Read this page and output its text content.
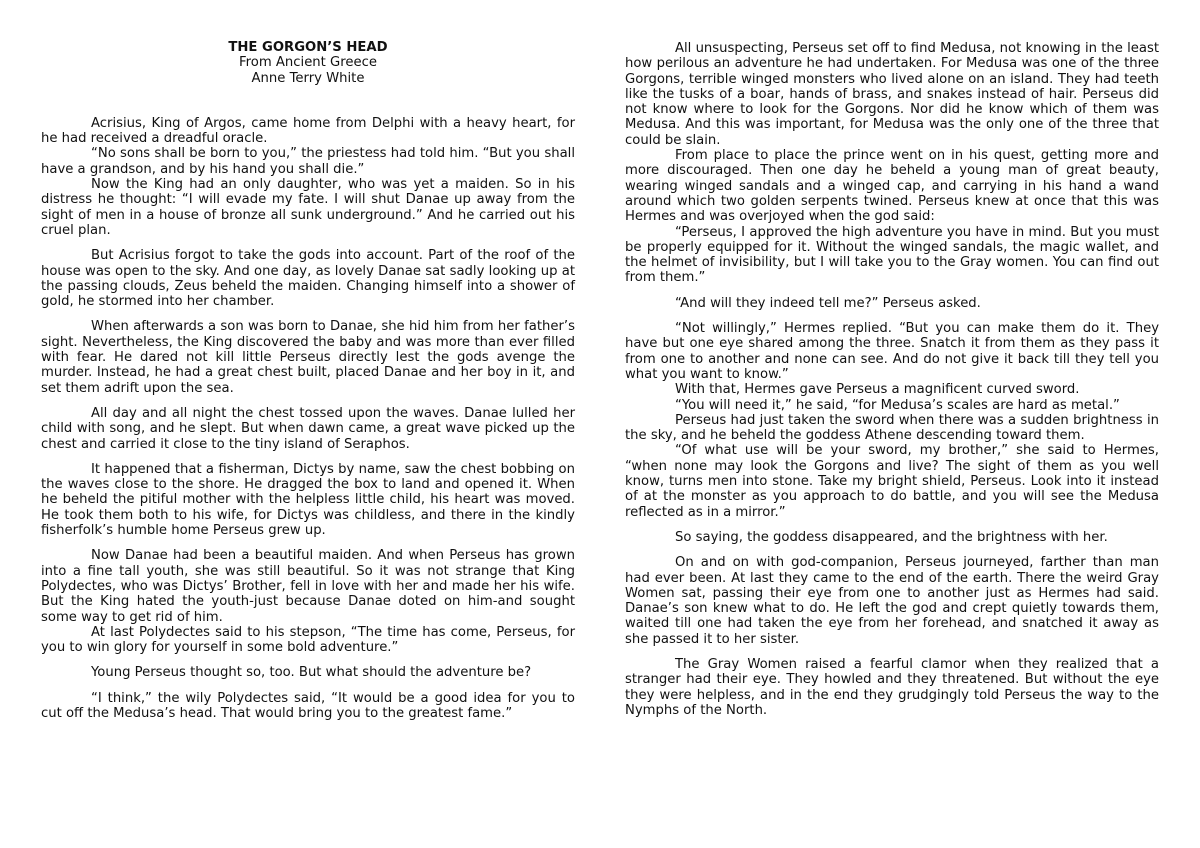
THE GORGON’S HEAD
From Ancient Greece
Anne Terry White

Acrisius, King of Argos, came home from Delphi with a heavy heart, for he had received a dreadful oracle.

“No sons shall be born to you,” the priestess had told him. “But you shall have a grandson, and by his hand you shall die.”

Now the King had an only daughter, who was yet a maiden. So in his distress he thought: “I will evade my fate. I will shut Danae up away from the sight of men in a house of bronze all sunk underground.” And he carried out his cruel plan.

But Acrisius forgot to take the gods into account. Part of the roof of the house was open to the sky. And one day, as lovely Danae sat sadly looking up at the passing clouds, Zeus beheld the maiden. Changing himself into a shower of gold, he stormed into her chamber.

When afterwards a son was born to Danae, she hid him from her father’s sight. Nevertheless, the King discovered the baby and was more than ever filled with fear. He dared not kill little Perseus directly lest the gods avenge the murder. Instead, he had a great chest built, placed Danae and her boy in it, and set them adrift upon the sea.

All day and all night the chest tossed upon the waves. Danae lulled her child with song, and he slept. But when dawn came, a great wave picked up the chest and carried it close to the tiny island of Seraphos.

It happened that a fisherman, Dictys by name, saw the chest bobbing on the waves close to the shore. He dragged the box to land and opened it. When he beheld the pitiful mother with the helpless little child, his heart was moved. He took them both to his wife, for Dictys was childless, and there in the kindly fisherfolk’s humble home Perseus grew up.

Now Danae had been a beautiful maiden. And when Perseus has grown into a fine tall youth, she was still beautiful. So it was not strange that King Polydectes, who was Dictys’ Brother, fell in love with her and made her his wife. But the King hated the youth-just because Danae doted on him-and sought some way to get rid of him.

At last Polydectes said to his stepson, “The time has come, Perseus, for you to win glory for yourself in some bold adventure.”

Young Perseus thought so, too. But what should the adventure be?

“I think,” the wily Polydectes said, “It would be a good idea for you to cut off the Medusa’s head. That would bring you to the greatest fame.”

All unsuspecting, Perseus set off to find Medusa, not knowing in the least how perilous an adventure he had undertaken. For Medusa was one of the three Gorgons, terrible winged monsters who lived alone on an island. They had teeth like the tusks of a boar, hands of brass, and snakes instead of hair. Perseus did not know where to look for the Gorgons. Nor did he know which of them was Medusa. And this was important, for Medusa was the only one of the three that could be slain.

From place to place the prince went on in his quest, getting more and more discouraged. Then one day he beheld a young man of great beauty, wearing winged sandals and a winged cap, and carrying in his hand a wand around which two golden serpents twined. Perseus knew at once that this was Hermes and was overjoyed when the god said:

“Perseus, I approved the high adventure you have in mind. But you must be properly equipped for it. Without the winged sandals, the magic wallet, and the helmet of invisibility, but I will take you to the Gray women. You can find out from them.”

“And will they indeed tell me?” Perseus asked.

“Not willingly,” Hermes replied. “But you can make them do it. They have but one eye shared among the three. Snatch it from them as they pass it from one to another and none can see. And do not give it back till they tell you what you want to know.”

With that, Hermes gave Perseus a magnificent curved sword.

“You will need it,” he said, “for Medusa’s scales are hard as metal.”

Perseus had just taken the sword when there was a sudden brightness in the sky, and he beheld the goddess Athene descending toward them.

“Of what use will be your sword, my brother,” she said to Hermes, “when none may look the Gorgons and live? The sight of them as you well know, turns men into stone. Take my bright shield, Perseus. Look into it instead of at the monster as you approach to do battle, and you will see the Medusa reflected as in a mirror.”

So saying, the goddess disappeared, and the brightness with her.

On and on with god-companion, Perseus journeyed, farther than man had ever been. At last they came to the end of the earth. There the weird Gray Women sat, passing their eye from one to another just as Hermes had said. Danae’s son knew what to do. He left the god and crept quietly towards them, waited till one had taken the eye from her forehead, and snatched it away as she passed it to her sister.

The Gray Women raised a fearful clamor when they realized that a stranger had their eye. They howled and they threatened. But without the eye they were helpless, and in the end they grudgingly told Perseus the way to the Nymphs of the North.
